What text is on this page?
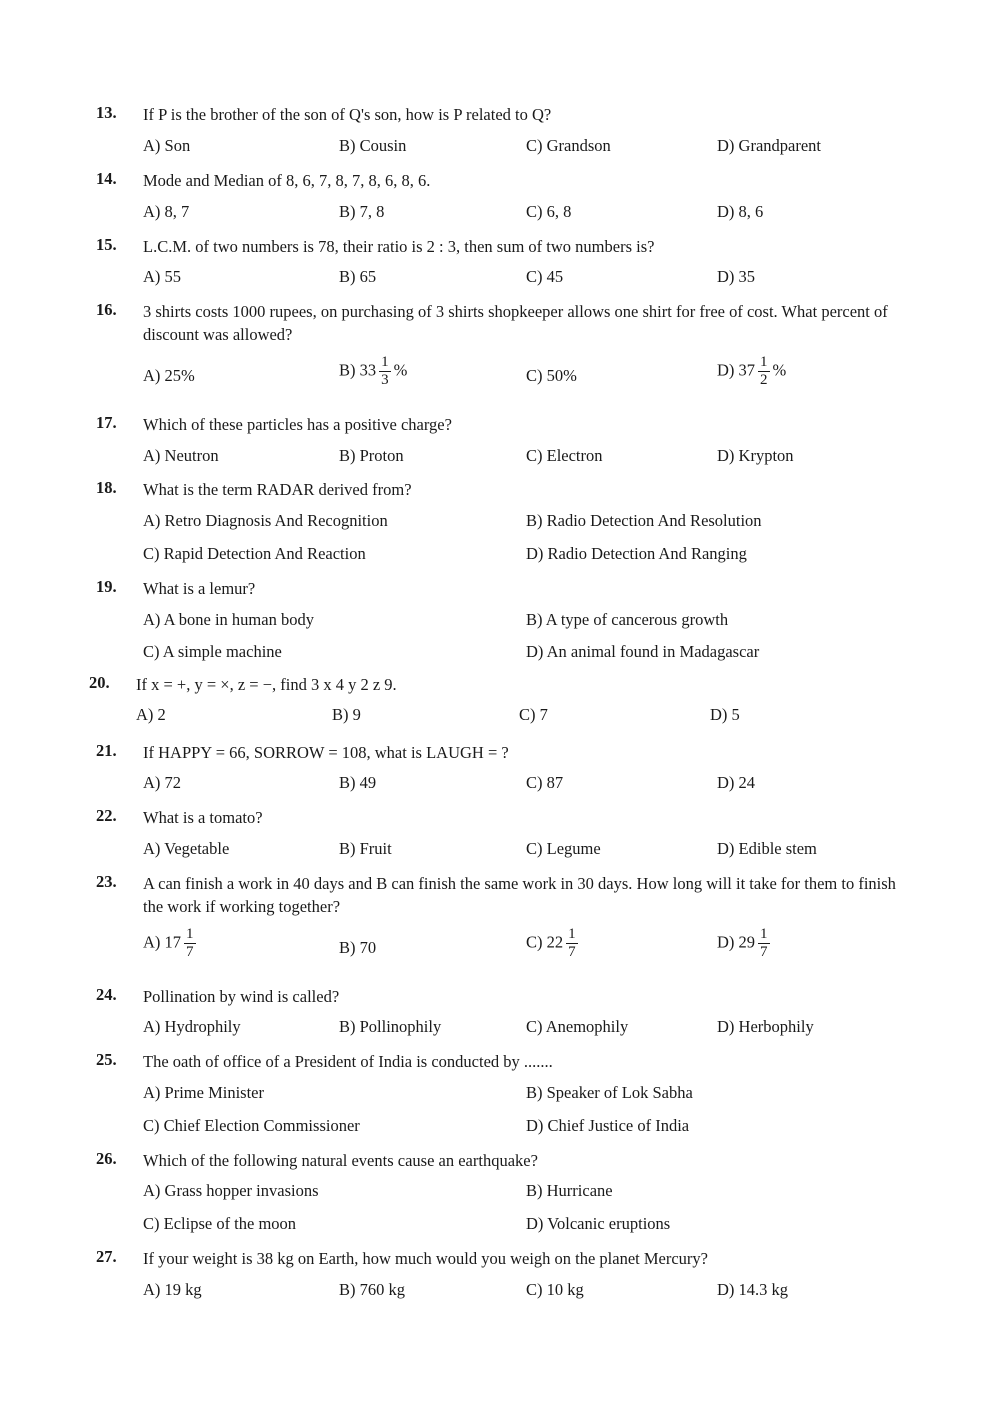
13.	If P is the brother of the son of Q's son, how is P related to Q?
A) Son	B) Cousin	C) Grandson	D) Grandparent
14.	Mode and Median of 8, 6, 7, 8, 7, 8, 6, 8, 6.
A) 8, 7	B) 7, 8	C) 6, 8	D) 8, 6
15.	L.C.M. of two numbers is 78, their ratio is 2 : 3, then sum of two numbers is?
A) 55	B) 65	C) 45	D) 35
16.	3 shirts costs 1000 rupees, on purchasing of 3 shirts shopkeeper allows one shirt for free of cost. What percent of discount was allowed?
A) 25%	B) $33 \frac{1}{3}$ %	C) 50%	D) $37 \frac{1}{2}$ %
17.	Which of these particles has a positive charge?
A) Neutron	B) Proton	C) Electron	D) Krypton
18.	What is the term RADAR derived from?
A) Retro Diagnosis And Recognition	B) Radio Detection And Resolution
C) Rapid Detection And Reaction	D) Radio Detection And Ranging
19.	What is a lemur?
A) A bone in human body	B) A type of cancerous growth
C) A simple machine	D) An animal found in Madagascar
20.	If x = +, y = ×, z = −, find 3 x 4 y 2 z 9.
A) 2	B) 9	C) 7	D) 5
21.	If HAPPY = 66, SORROW = 108, what is LAUGH = ?
A) 72	B) 49	C) 87	D) 24
22.	What is a tomato?
A) Vegetable	B) Fruit	C) Legume	D) Edible stem
23.	A can finish a work in 40 days and B can finish the same work in 30 days. How long will it take for them to finish the work if working together?
A) $17 \frac{1}{7}$	B) 70	C) $22 \frac{1}{7}$	D) $29 \frac{1}{7}$
24.	Pollination by wind is called?
A) Hydrophily	B) Pollinophily	C) Anemophily	D) Herbophily
25.	The oath of office of a President of India is conducted by .......
A) Prime Minister	B) Speaker of Lok Sabha
C) Chief Election Commissioner	D) Chief Justice of India
26.	Which of the following natural events cause an earthquake?
A) Grass hopper invasions	B) Hurricane
C) Eclipse of the moon	D) Volcanic eruptions
27.	If your weight is 38 kg on Earth, how much would you weigh on the planet Mercury?
A) 19 kg	B) 760 kg	C) 10 kg	D) 14.3 kg
